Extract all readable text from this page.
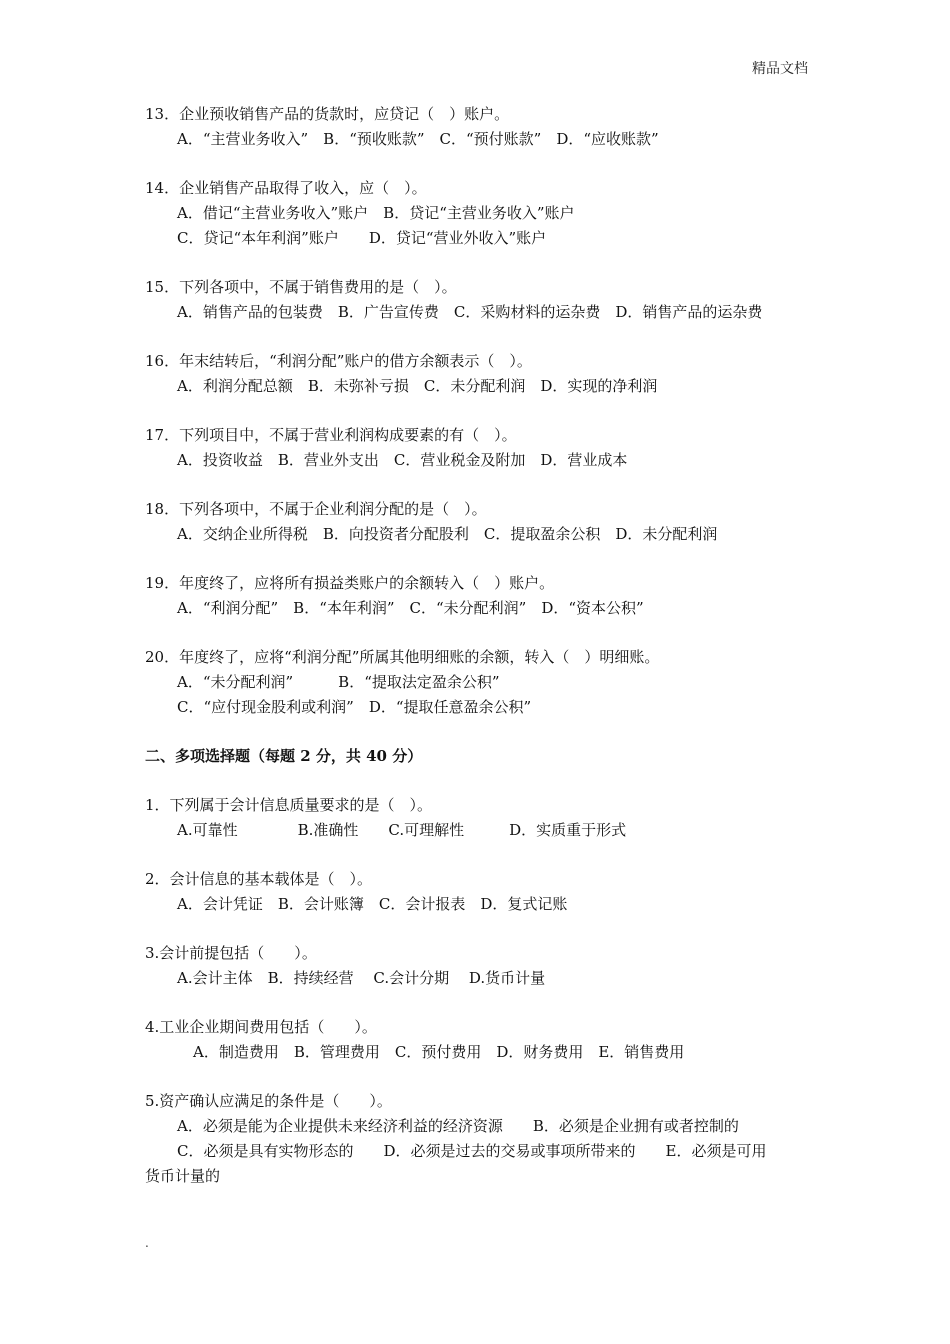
精品文档
13．企业预收销售产品的货款时，应贷记（　）账户。
A．“主营业务收入”　B．“预收账款”　C．“预付账款”　D．“应收账款”
14．企业销售产品取得了收入，应（　）。
A．借记“主营业务收入”账户　B．贷记“主营业务收入”账户
C．贷记“本年利润”账户　　D．贷记“营业外收入”账户
15．下列各项中，不属于销售费用的是（　）。
A．销售产品的包装费　B．广告宣传费　C．采购材料的运杂费　D．销售产品的运杂费
16．年末结转后，“利润分配”账户的借方余额表示（　）。
A．利润分配总额　B．未弥补亏损　C．未分配利润　D．实现的净利润
17．下列项目中，不属于营业利润构成要素的有（　）。
A．投资收益　B．营业外支出　C．营业税金及附加　D．营业成本
18．下列各项中，不属于企业利润分配的是（　）。
A．交纳企业所得税　B．向投资者分配股利　C．提取盈余公积　D．未分配利润
19．年度终了，应将所有损益类账户的余额转入（　）账户。
A．“利润分配”　B．“本年利润”　C．“未分配利润”　D．“资本公积”
20．年度终了，应将“利润分配”所属其他明细账的余额，转入（　）明细账。
A．“未分配利润”　　　B．“提取法定盈余公积”
C．“应付现金股利或利润”　D．“提取任意盈余公积”
二、多项选择题（每题 2 分，共 40 分）
1．下列属于会计信息质量要求的是（　）。
A.可靠性　　　　B.准确性　　C.可理解性　　　D．实质重于形式
2．会计信息的基本载体是（　）。
A．会计凭证　B．会计账簿　C．会计报表　D．复式记账
3.会计前提包括（　　）。
A.会计主体　B．持续经营　 C.会计分期　 D.货币计量
4.工业企业期间费用包括（　　）。
A．制造费用　B．管理费用　C．预付费用　D．财务费用　E．销售费用
5.资产确认应满足的条件是（　　）。
A．必须是能为企业提供未来经济利益的经济资源　　B．必须是企业拥有或者控制的
C．必须是具有实物形态的　　D．必须是过去的交易或事项所带来的　　E．必须是可用
货币计量的
.
